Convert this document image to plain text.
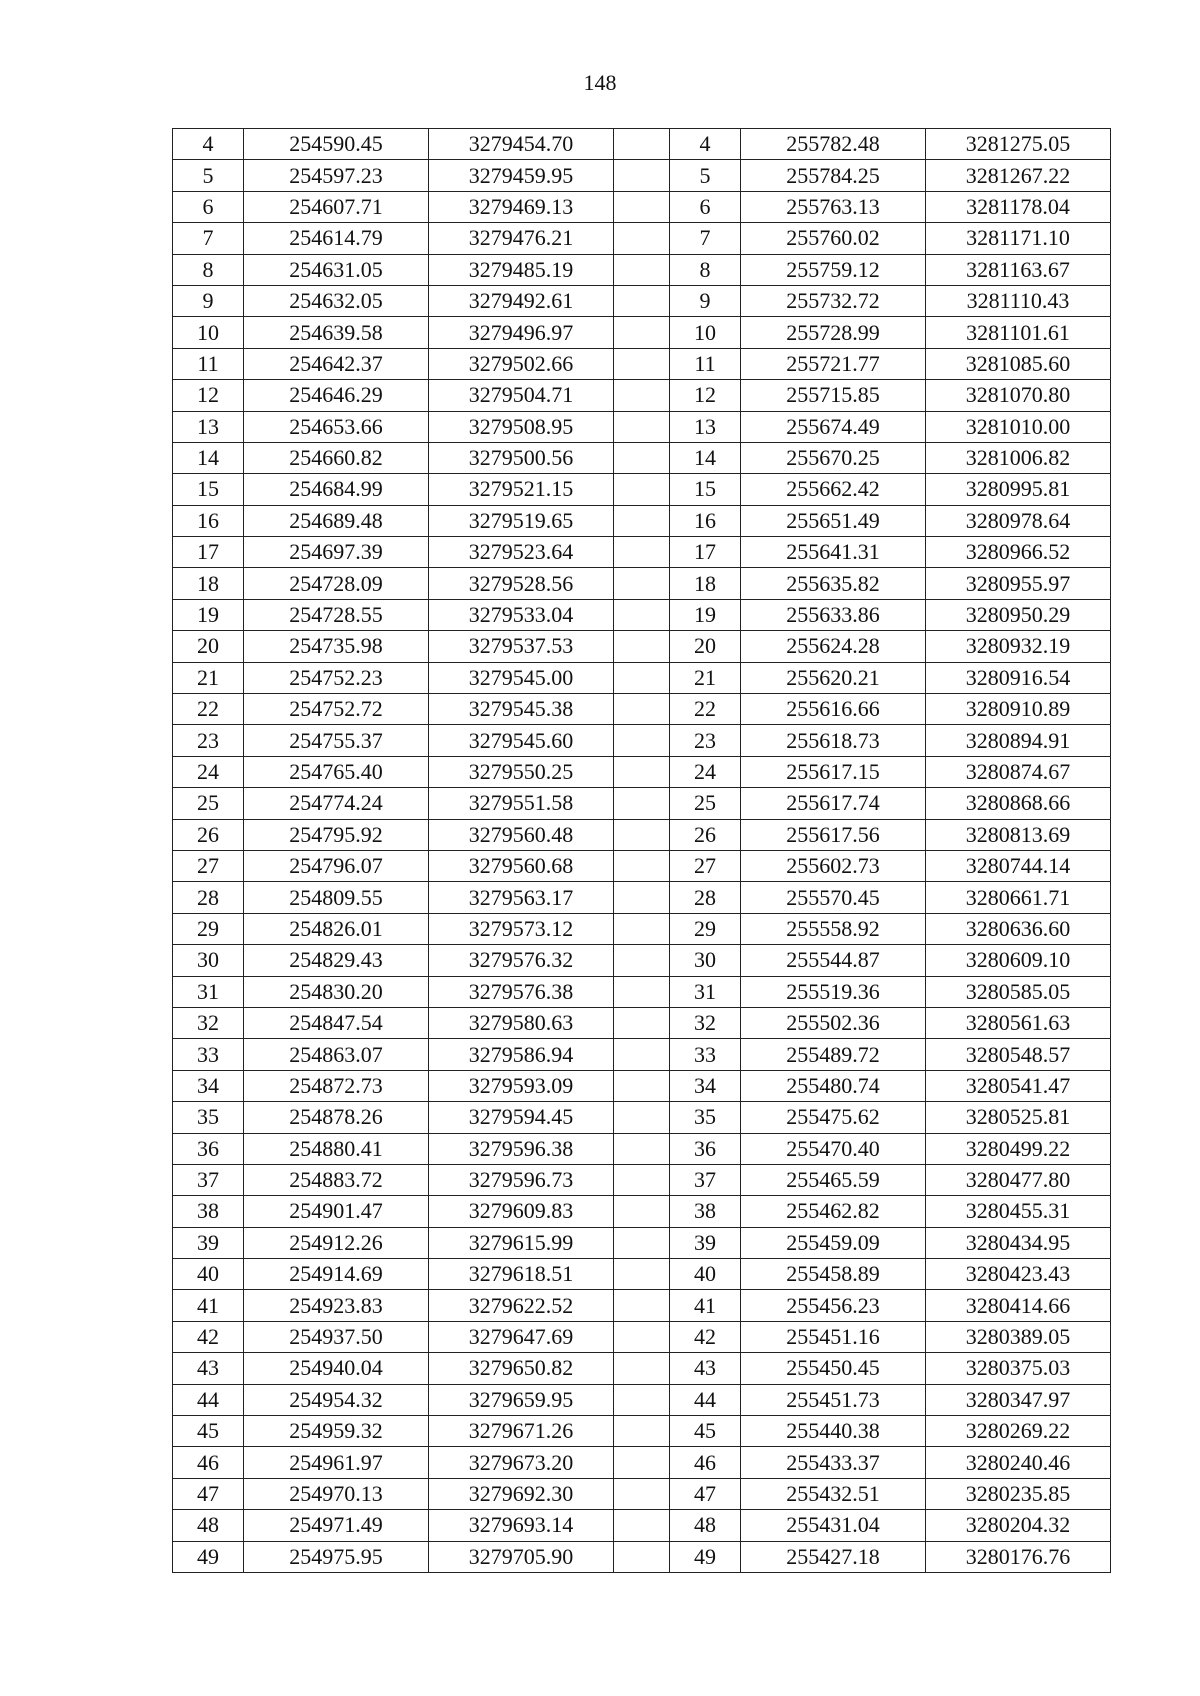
148
4	254590.45	3279454.70		4	255782.48	3281275.05
5	254597.23	3279459.95		5	255784.25	3281267.22
6	254607.71	3279469.13		6	255763.13	3281178.04
7	254614.79	3279476.21		7	255760.02	3281171.10
8	254631.05	3279485.19		8	255759.12	3281163.67
9	254632.05	3279492.61		9	255732.72	3281110.43
10	254639.58	3279496.97		10	255728.99	3281101.61
11	254642.37	3279502.66		11	255721.77	3281085.60
12	254646.29	3279504.71		12	255715.85	3281070.80
13	254653.66	3279508.95		13	255674.49	3281010.00
14	254660.82	3279500.56		14	255670.25	3281006.82
15	254684.99	3279521.15		15	255662.42	3280995.81
16	254689.48	3279519.65		16	255651.49	3280978.64
17	254697.39	3279523.64		17	255641.31	3280966.52
18	254728.09	3279528.56		18	255635.82	3280955.97
19	254728.55	3279533.04		19	255633.86	3280950.29
20	254735.98	3279537.53		20	255624.28	3280932.19
21	254752.23	3279545.00		21	255620.21	3280916.54
22	254752.72	3279545.38		22	255616.66	3280910.89
23	254755.37	3279545.60		23	255618.73	3280894.91
24	254765.40	3279550.25		24	255617.15	3280874.67
25	254774.24	3279551.58		25	255617.74	3280868.66
26	254795.92	3279560.48		26	255617.56	3280813.69
27	254796.07	3279560.68		27	255602.73	3280744.14
28	254809.55	3279563.17		28	255570.45	3280661.71
29	254826.01	3279573.12		29	255558.92	3280636.60
30	254829.43	3279576.32		30	255544.87	3280609.10
31	254830.20	3279576.38		31	255519.36	3280585.05
32	254847.54	3279580.63		32	255502.36	3280561.63
33	254863.07	3279586.94		33	255489.72	3280548.57
34	254872.73	3279593.09		34	255480.74	3280541.47
35	254878.26	3279594.45		35	255475.62	3280525.81
36	254880.41	3279596.38		36	255470.40	3280499.22
37	254883.72	3279596.73		37	255465.59	3280477.80
38	254901.47	3279609.83		38	255462.82	3280455.31
39	254912.26	3279615.99		39	255459.09	3280434.95
40	254914.69	3279618.51		40	255458.89	3280423.43
41	254923.83	3279622.52		41	255456.23	3280414.66
42	254937.50	3279647.69		42	255451.16	3280389.05
43	254940.04	3279650.82		43	255450.45	3280375.03
44	254954.32	3279659.95		44	255451.73	3280347.97
45	254959.32	3279671.26		45	255440.38	3280269.22
46	254961.97	3279673.20		46	255433.37	3280240.46
47	254970.13	3279692.30		47	255432.51	3280235.85
48	254971.49	3279693.14		48	255431.04	3280204.32
49	254975.95	3279705.90		49	255427.18	3280176.76
